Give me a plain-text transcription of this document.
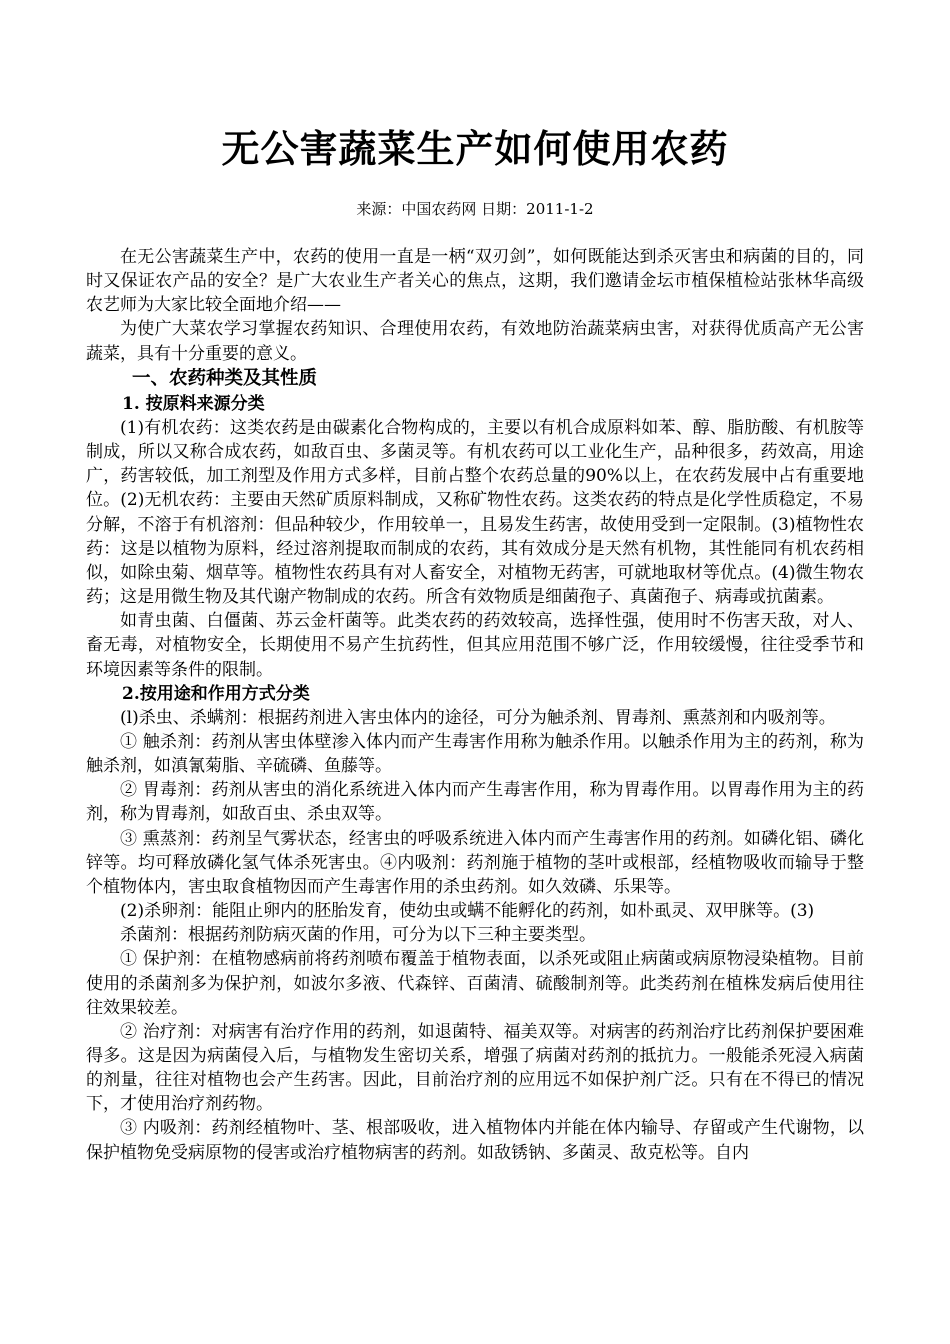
无公害蔬菜生产如何使用农药
来源：中国农药网 日期：2011-1-2

在无公害蔬菜生产中，农药的使用一直是一柄“双刃剑”，如何既能达到杀灭害虫和病菌的目的，同时又保证农产品的安全？是广大农业生产者关心的焦点，这期，我们邀请金坛市植保植检站张林华高级农艺师为大家比较全面地介绍——

为使广大菜农学习掌握农药知识、合理使用农药，有效地防治蔬菜病虫害，对获得优质高产无公害蔬菜，具有十分重要的意义。

一、农药种类及其性质
1. 按原料来源分类

(1)有机农药：这类农药是由碳素化合物构成的，主要以有机合成原料如苯、醇、脂肪酸、有机胺等制成，所以又称合成农药，如敌百虫、多菌灵等。有机农药可以工业化生产，品种很多，药效高，用途广，药害较低，加工剂型及作用方式多样，目前占整个农药总量的90%以上，在农药发展中占有重要地位。(2)无机农药：主要由天然矿质原料制成，又称矿物性农药。这类农药的特点是化学性质稳定，不易分解，不溶于有机溶剂：但品种较少，作用较单一，且易发生药害，故使用受到一定限制。(3)植物性农药：这是以植物为原料，经过溶剂提取而制成的农药，其有效成分是天然有机物，其性能同有机农药相似，如除虫菊、烟草等。植物性农药具有对人畜安全，对植物无药害，可就地取材等优点。(4)微生物农药；这是用微生物及其代谢产物制成的农药。所含有效物质是细菌孢子、真菌孢子、病毒或抗菌素。

如青虫菌、白僵菌、苏云金杆菌等。此类农药的药效较高，选择性强，使用时不伤害天敌，对人、畜无毒，对植物安全，长期使用不易产生抗药性，但其应用范围不够广泛，作用较缓慢，往往受季节和环境因素等条件的限制。

2.按用途和作用方式分类

(l)杀虫、杀螨剂：根据药剂进入害虫体内的途径，可分为触杀剂、胃毒剂、熏蒸剂和内吸剂等。

① 触杀剂：药剂从害虫体壁渗入体内而产生毒害作用称为触杀作用。以触杀作用为主的药剂，称为触杀剂，如滇氰菊脂、辛硫磷、鱼藤等。

② 胃毒剂：药剂从害虫的消化系统进入体内而产生毒害作用，称为胃毒作用。以胃毒作用为主的药剂，称为胃毒剂，如敌百虫、杀虫双等。

③ 熏蒸剂：药剂呈气雾状态，经害虫的呼吸系统进入体内而产生毒害作用的药剂。如磷化铝、磷化锌等。均可释放磷化氢气体杀死害虫。④内吸剂：药剂施于植物的茎叶或根部，经植物吸收而输导于整个植物体内，害虫取食植物因而产生毒害作用的杀虫药剂。如久效磷、乐果等。

(2)杀卵剂：能阻止卵内的胚胎发育，使幼虫或螨不能孵化的药剂，如朴虱灵、双甲脒等。(3)

杀菌剂：根据药剂防病灭菌的作用，可分为以下三种主要类型。

① 保护剂：在植物感病前将药剂喷布覆盖于植物表面，以杀死或阻止病菌或病原物浸染植物。目前使用的杀菌剂多为保护剂，如波尔多液、代森锌、百菌清、硫酸制剂等。此类药剂在植株发病后使用往往效果较差。

② 治疗剂：对病害有治疗作用的药剂，如退菌特、福美双等。对病害的药剂治疗比药剂保护要困难得多。这是因为病菌侵入后，与植物发生密切关系，增强了病菌对药剂的抵抗力。一般能杀死浸入病菌的剂量，往往对植物也会产生药害。因此，目前治疗剂的应用远不如保护剂广泛。只有在不得已的情况下，才使用治疗剂药物。

③ 内吸剂：药剂经植物叶、茎、根部吸收，进入植物体内并能在体内输导、存留或产生代谢物，以保护植物免受病原物的侵害或治疗植物病害的药剂。如敌锈钠、多菌灵、敌克松等。自内
